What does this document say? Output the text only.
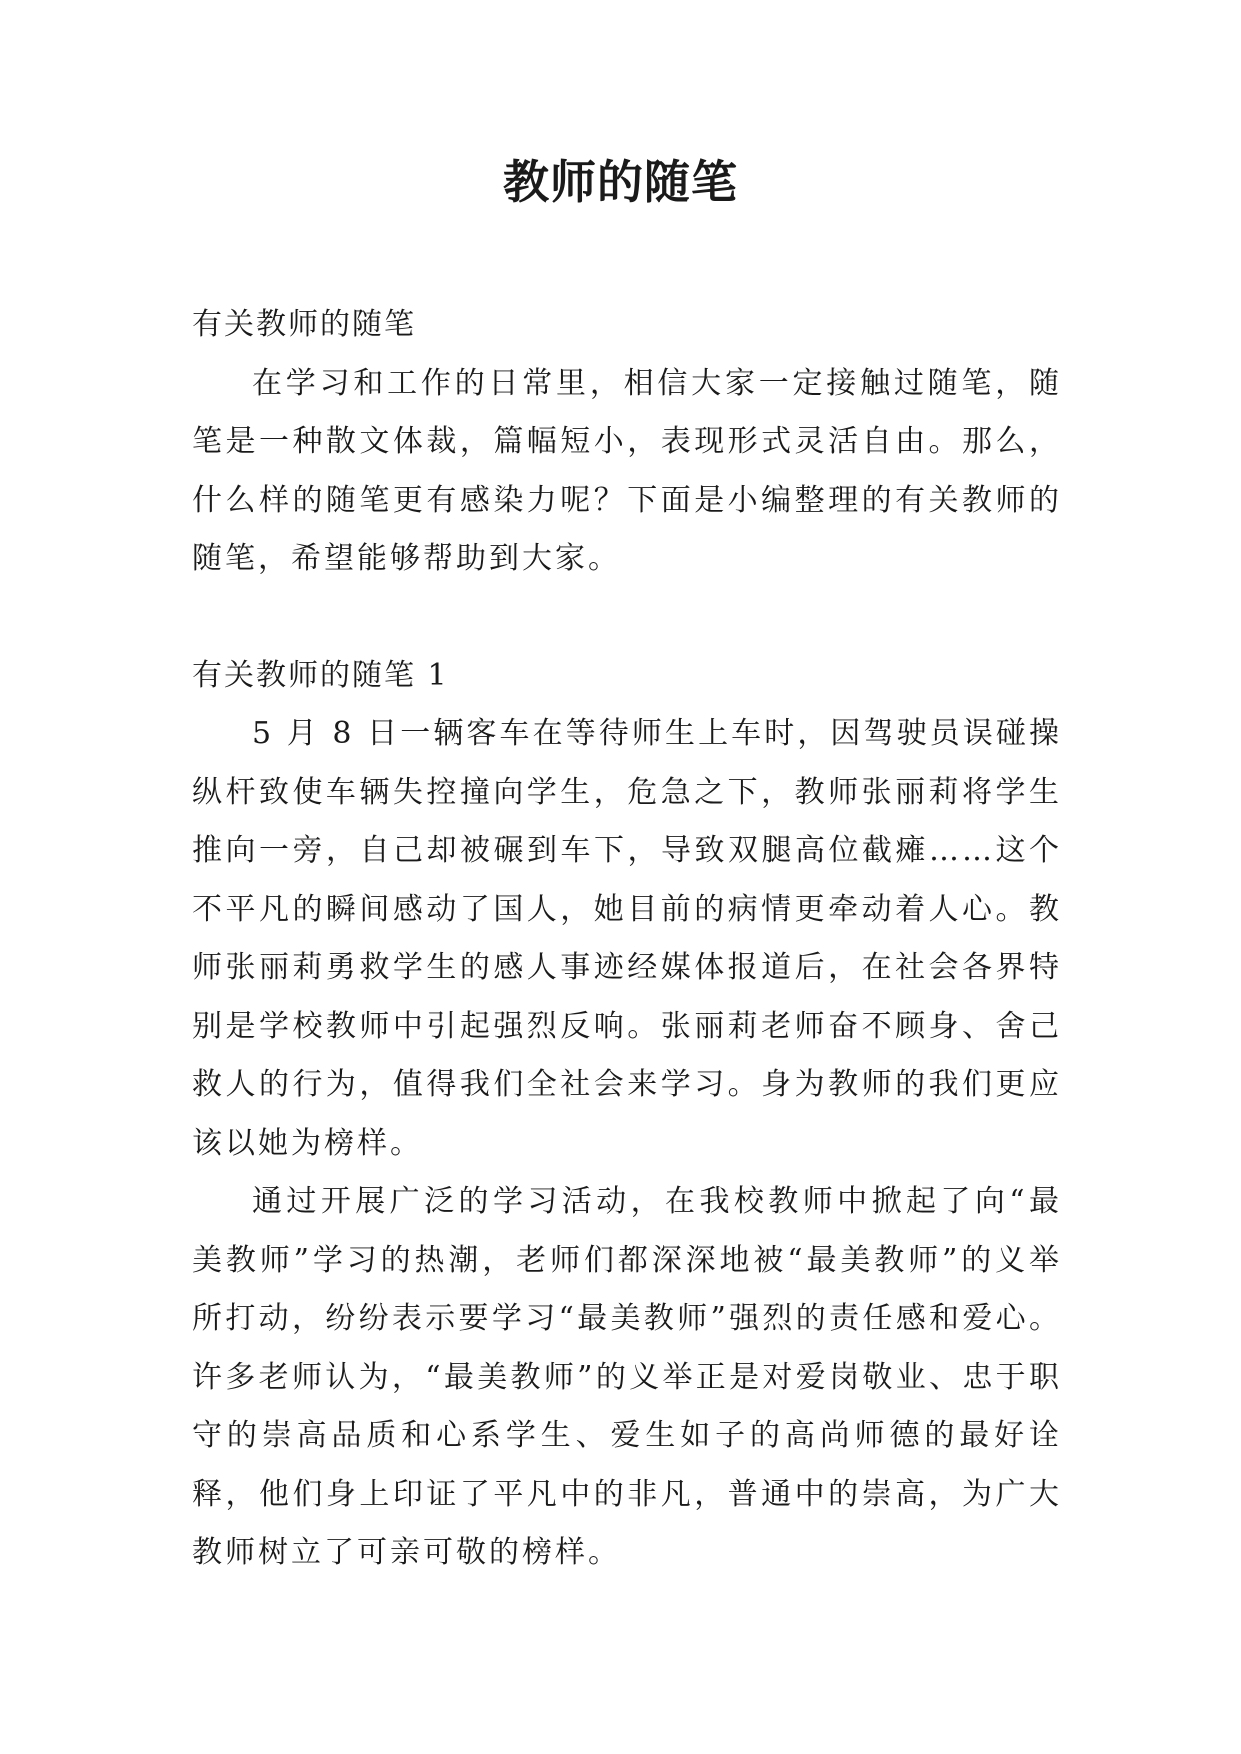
教师的随笔

有关教师的随笔

在学习和工作的日常里，相信大家一定接触过随笔，随笔是一种散文体裁，篇幅短小，表现形式灵活自由。那么，什么样的随笔更有感染力呢？下面是小编整理的有关教师的随笔，希望能够帮助到大家。

有关教师的随笔 1

5 月 8 日一辆客车在等待师生上车时，因驾驶员误碰操纵杆致使车辆失控撞向学生，危急之下，教师张丽莉将学生推向一旁，自己却被碾到车下，导致双腿高位截瘫……这个不平凡的瞬间感动了国人，她目前的病情更牵动着人心。教师张丽莉勇救学生的感人事迹经媒体报道后，在社会各界特别是学校教师中引起强烈反响。张丽莉老师奋不顾身、舍己救人的行为，值得我们全社会来学习。身为教师的我们更应该以她为榜样。

通过开展广泛的学习活动，在我校教师中掀起了向“最美教师”学习的热潮，老师们都深深地被“最美教师”的义举所打动，纷纷表示要学习“最美教师”强烈的责任感和爱心。许多老师认为，“最美教师”的义举正是对爱岗敬业、忠于职守的崇高品质和心系学生、爱生如子的高尚师德的最好诠释，他们身上印证了平凡中的非凡，普通中的崇高，为广大教师树立了可亲可敬的榜样。
